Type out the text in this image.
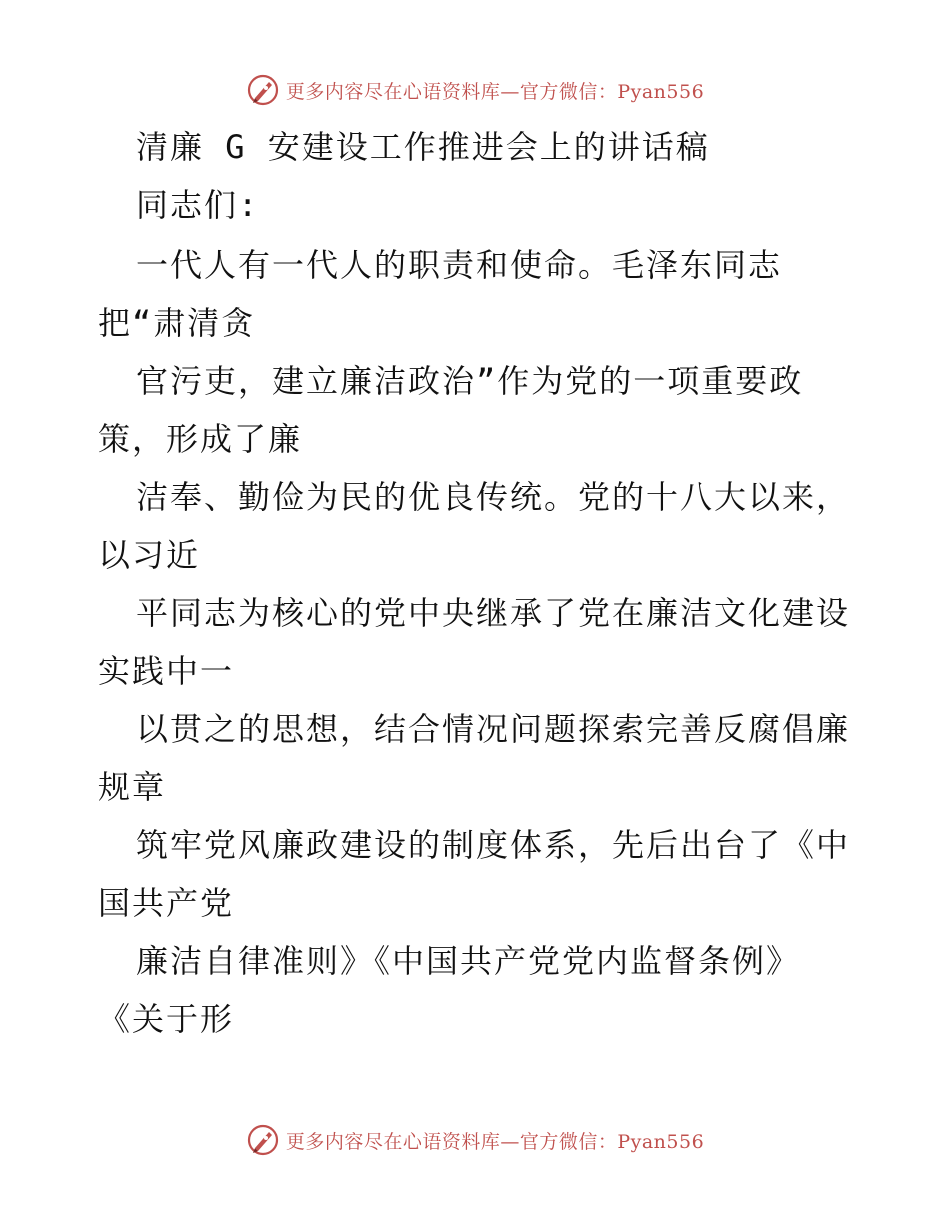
更多内容尽在心语资料库—官方微信：Pyan556
清廉 G 安建设工作推进会上的讲话稿
同志们:
一代人有一代人的职责和使命。毛泽东同志
把“肃清贪
官污吏，建立廉洁政治”作为党的一项重要政
策，形成了廉
洁奉、勤俭为民的优良传统。党的十八大以来，
以习近
平同志为核心的党中央继承了党在廉洁文化建设
实践中一
以贯之的思想，结合情况问题探索完善反腐倡廉
规章
筑牢党风廉政建设的制度体系，先后出台了《中
国共产党
廉洁自律准则》《中国共产党党内监督条例》
《关于形
更多内容尽在心语资料库—官方微信：Pyan556
